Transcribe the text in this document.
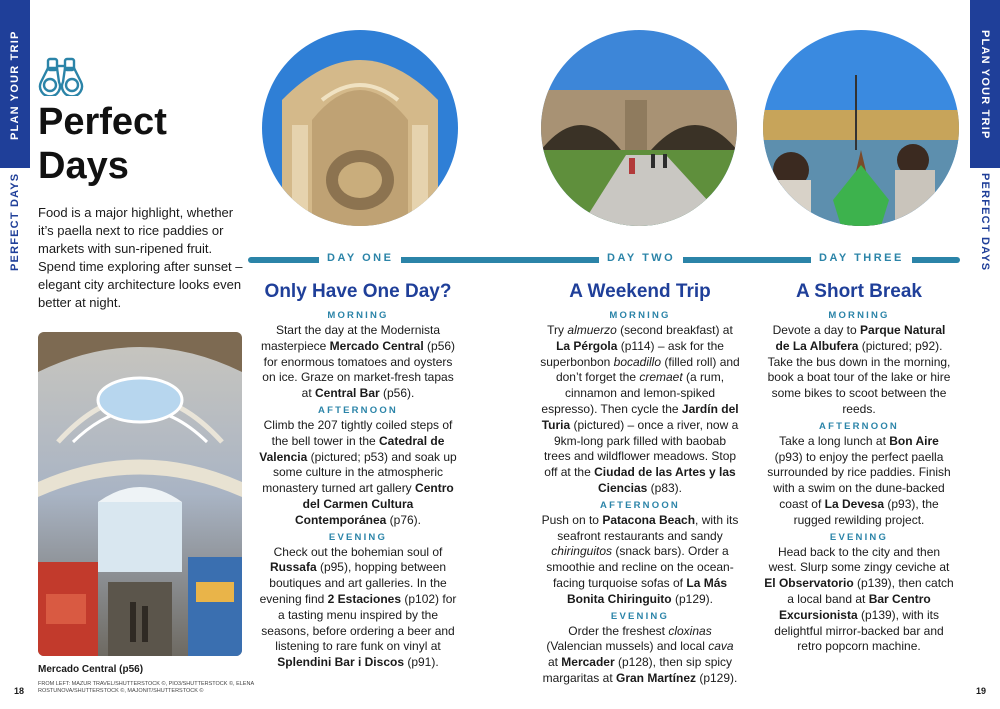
PLAN YOUR TRIP
PERFECT DAYS
PLAN YOUR TRIP
PERFECT DAYS
Perfect
Days
Food is a major highlight, whether it’s paella next to rice paddies or markets with sun-ripened fruit. Spend time exploring after sunset – elegant city architecture looks even better at night.
Mercado Central (p56)
FROM LEFT: MAZUR TRAVEL/SHUTTERSTOCK ©, PIO3/SHUTTERSTOCK ©, ELENA ROSTUNOVA/SHUTTERSTOCK ©, MAJONIT/SHUTTERSTOCK ©
18	19
DAY ONE	DAY TWO	DAY THREE
Only Have One Day?
MORNING

Start the day at the Modernista masterpiece Mercado Central (p56) for enormous tomatoes and oysters on ice. Graze on market-fresh tapas at Central Bar (p56).

AFTERNOON

Climb the 207 tightly coiled steps of the bell tower in the Catedral de Valencia (pictured; p53) and soak up some culture in the atmospheric monastery turned art gallery Centro del Carmen Cultura Contemporánea (p76).

EVENING

Check out the bohemian soul of Russafa (p95), hopping between boutiques and art galleries. In the evening find 2 Estaciones (p102) for a tasting menu inspired by the seasons, before ordering a beer and listening to rare funk on vinyl at Splendini Bar i Discos (p91).

A Weekend Trip
MORNING

Try almuerzo (second breakfast) at La Pérgola (p114) – ask for the superbonbon bocadillo (filled roll) and don’t forget the cremaet (a rum, cinnamon and lemon-spiked espresso). Then cycle the Jardín del Turia (pictured) – once a river, now a 9km-long park filled with baobab trees and wildflower meadows. Stop off at the Ciudad de las Artes y las Ciencias (p83).

AFTERNOON

Push on to Patacona Beach, with its seafront restaurants and sandy chiringuitos (snack bars). Order a smoothie and recline on the ocean-facing turquoise sofas of La Más Bonita Chiringuito (p129).

EVENING

Order the freshest cloxinas (Valencian mussels) and local cava at Mercader (p128), then sip spicy margaritas at Gran Martínez (p129).

A Short Break
MORNING

Devote a day to Parque Natural de La Albufera (pictured; p92). Take the bus down in the morning, book a boat tour of the lake or hire some bikes to scoot between the reeds.

AFTERNOON

Take a long lunch at Bon Aire (p93) to enjoy the perfect paella surrounded by rice paddies. Finish with a swim on the dune-backed coast of La Devesa (p93), the rugged rewilding project.

EVENING

Head back to the city and then west. Slurp some zingy ceviche at El Observatorio (p139), then catch a local band at Bar Centro Excursionista (p139), with its delightful mirror-backed bar and retro popcorn machine.
